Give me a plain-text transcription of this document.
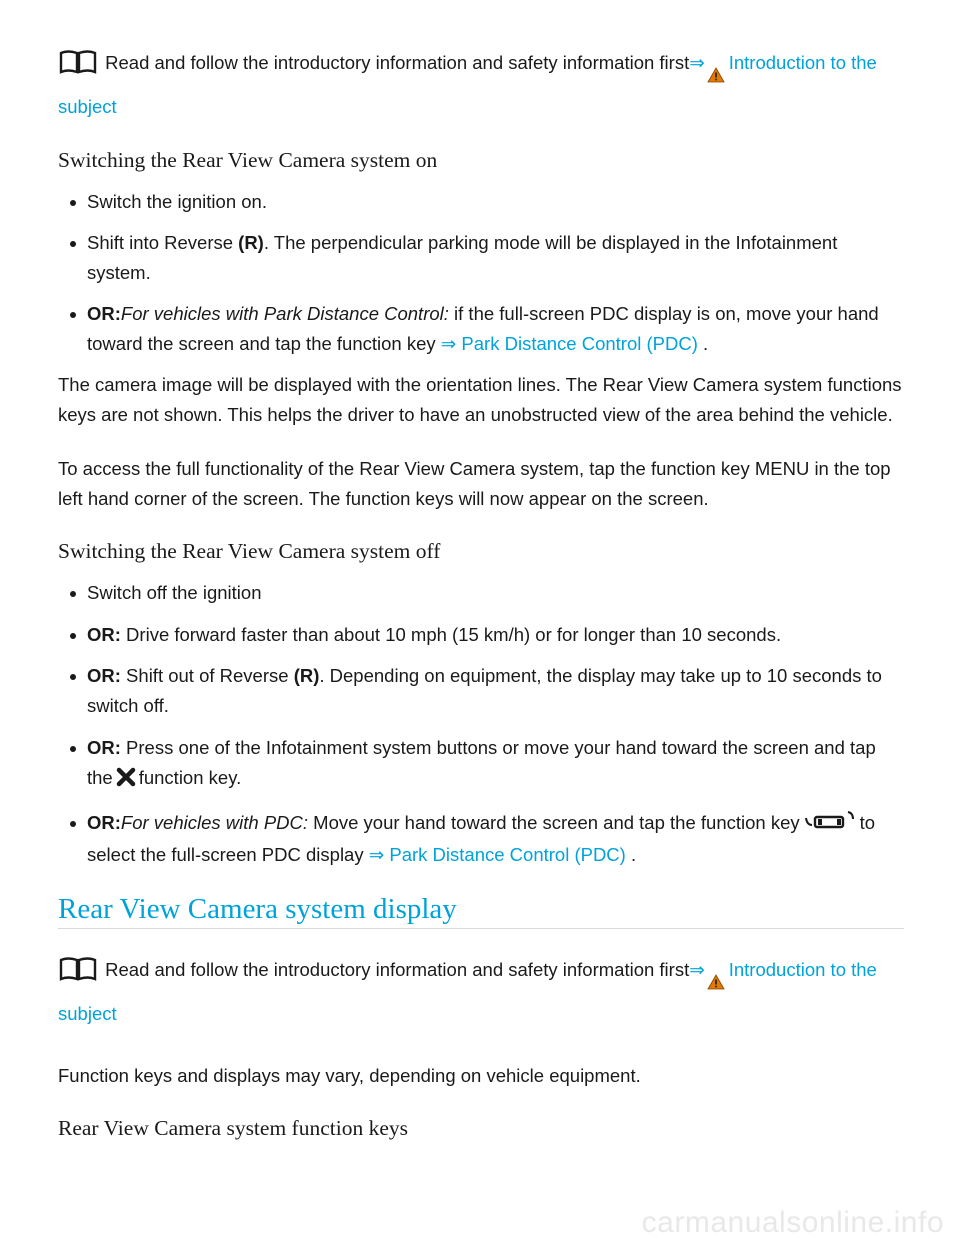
Read and follow the introductory information and safety information first⇒ Introduction to the subject

Switching the Rear View Camera system on
Switch the ignition on.
Shift into Reverse (R). The perpendicular parking mode will be displayed in the Infotainment system.
OR:For vehicles with Park Distance Control: if the full-screen PDC display is on, move your hand toward the screen and tap the function key ⇒ Park Distance Control (PDC) .

The camera image will be displayed with the orientation lines. The Rear View Camera system functions keys are not shown. This helps the driver to have an unobstructed view of the area behind the vehicle.

To access the full functionality of the Rear View Camera system, tap the function key MENU in the top left hand corner of the screen. The function keys will now appear on the screen.

Switching the Rear View Camera system off
Switch off the ignition
OR: Drive forward faster than about 10 mph (15 km/h) or for longer than 10 seconds.
OR: Shift out of Reverse (R). Depending on equipment, the display may take up to 10 seconds to switch off.
OR: Press one of the Infotainment system buttons or move your hand toward the screen and tap the function key.
OR:For vehicles with PDC: Move your hand toward the screen and tap the function key	to select the full-screen PDC display ⇒ Park Distance Control (PDC) .
Rear View Camera system display

Read and follow the introductory information and safety information first⇒ Introduction to the subject

Function keys and displays may vary, depending on vehicle equipment.

Rear View Camera system function keys
carmanualsonline.info
